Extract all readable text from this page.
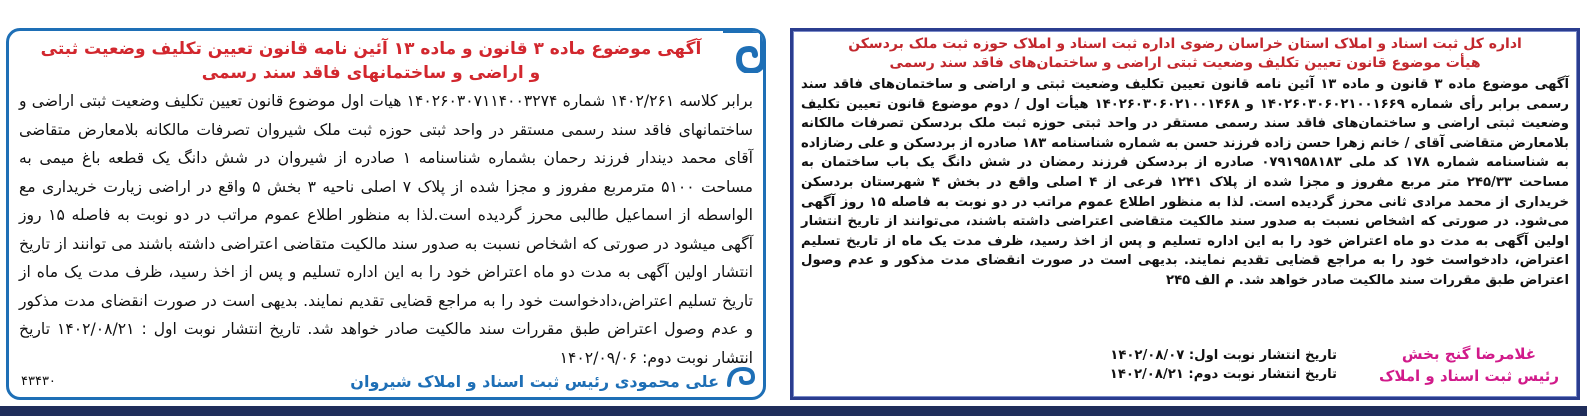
آگهی موضوع ماده ۳ قانون و ماده ۱۳ آئین نامه قانون تعیین تکلیف وضعیت ثبتی
و اراضی و ساختمانهای فاقد سند رسمی
برابر کلاسه ۱۴۰۲/۲۶۱ شماره ۱۴۰۲۶۰۳۰۷۱۱۴۰۰۳۲۷۴ هیات اول موضوع قانون تعیین تکلیف وضعیت ثبتی اراضی و ساختمانهای فاقد سند رسمی مستقر در واحد ثبتی حوزه ثبت ملک شیروان تصرفات مالکانه بلامعارض متقاضی آقای محمد دیندار فرزند رحمان بشماره شناسنامه ۱ صادره از شیروان در شش دانگ یک قطعه باغ میمی به مساحت ۵۱۰۰ مترمربع مفروز و مجزا شده از پلاک ۷ اصلی ناحیه ۳ بخش ۵ واقع در اراضی زیارت خریداری مع الواسطه از اسماعیل طالبی محرز گردیده است.لذا به منظور اطلاع عموم مراتب در دو نوبت به فاصله ۱۵ روز آگهی میشود در صورتی که اشخاص نسبت به صدور سند مالکیت متقاضی اعتراضی داشته باشند می توانند از تاریخ انتشار اولین آگهی به مدت دو ماه اعتراض خود را به این اداره تسلیم و پس از اخذ رسید، ظرف مدت یک ماه از تاریخ تسلیم اعتراض،دادخواست خود را به مراجع قضایی تقدیم نمایند. بدیهی است در صورت انقضای مدت مذکور و عدم وصول اعتراض طبق مقررات سند مالکیت صادر خواهد شد. تاریخ انتشار نوبت اول : ۱۴۰۲/۰۸/۲۱ تاریخ انتشار نوبت دوم: ۱۴۰۲/۰۹/۰۶
علی محمودی رئیس ثبت اسناد و املاک شیروان
۴۳۴۳۰
اداره کل ثبت اسناد و املاک استان خراسان رضوی اداره ثبت اسناد و املاک حوزه ثبت ملک بردسکن
هیأت موضوع قانون تعیین تکلیف وضعیت ثبتی اراضی و ساختمان‌های فاقد سند رسمی
آگهی موضوع ماده ۳ قانون و ماده ۱۳ آئین نامه قانون تعیین تکلیف وضعیت ثبتی و اراضی و ساختمان‌های فاقد سند رسمی برابر رأی شماره ۱۴۰۲۶۰۳۰۶۰۲۱۰۰۱۶۶۹ و ۱۴۰۲۶۰۳۰۶۰۲۱۰۰۱۴۶۸ هیأت اول / دوم موضوع قانون تعیین تکلیف وضعیت ثبتی اراضی و ساختمان‌های فاقد سند رسمی مستقر در واحد ثبتی حوزه ثبت ملک بردسکن تصرفات مالکانه بلامعارض متقاضی آقای / خانم زهرا حسن زاده فرزند حسن به شماره شناسنامه ۱۸۳ صادره از بردسکن و علی رضازاده به شناسنامه شماره ۱۷۸ کد ملی ۰۷۹۱۹۵۸۱۸۳ صادره از بردسکن فرزند رمضان در شش دانگ یک باب ساختمان به مساحت ۲۴۵/۳۳ متر مربع مفروز و مجزا شده از پلاک ۱۲۴۱ فرعی از ۴ اصلی واقع در بخش ۴ شهرستان بردسکن خریداری از محمد مرادی ثانی محرز گردیده است. لذا به منظور اطلاع عموم مراتب در دو نوبت به فاصله ۱۵ روز آگهی می‌شود. در صورتی که اشخاص نسبت به صدور سند مالکیت متقاضی اعتراضی داشته باشند، می‌توانند از تاریخ انتشار اولین آگهی به مدت دو ماه اعتراض خود را به این اداره تسلیم و پس از اخذ رسید، ظرف مدت یک ماه از تاریخ تسلیم اعتراض، دادخواست خود را به مراجع قضایی تقدیم نمایند. بدیهی است در صورت انقضای مدت مذکور و عدم وصول اعتراض طبق مقررات سند مالکیت صادر خواهد شد. م الف ۲۴۵
تاریخ انتشار نوبت اول: ۱۴۰۲/۰۸/۰۷
تاریخ انتشار نوبت دوم: ۱۴۰۲/۰۸/۲۱
غلامرضا گنج بخش
رئیس ثبت اسناد و املاک
